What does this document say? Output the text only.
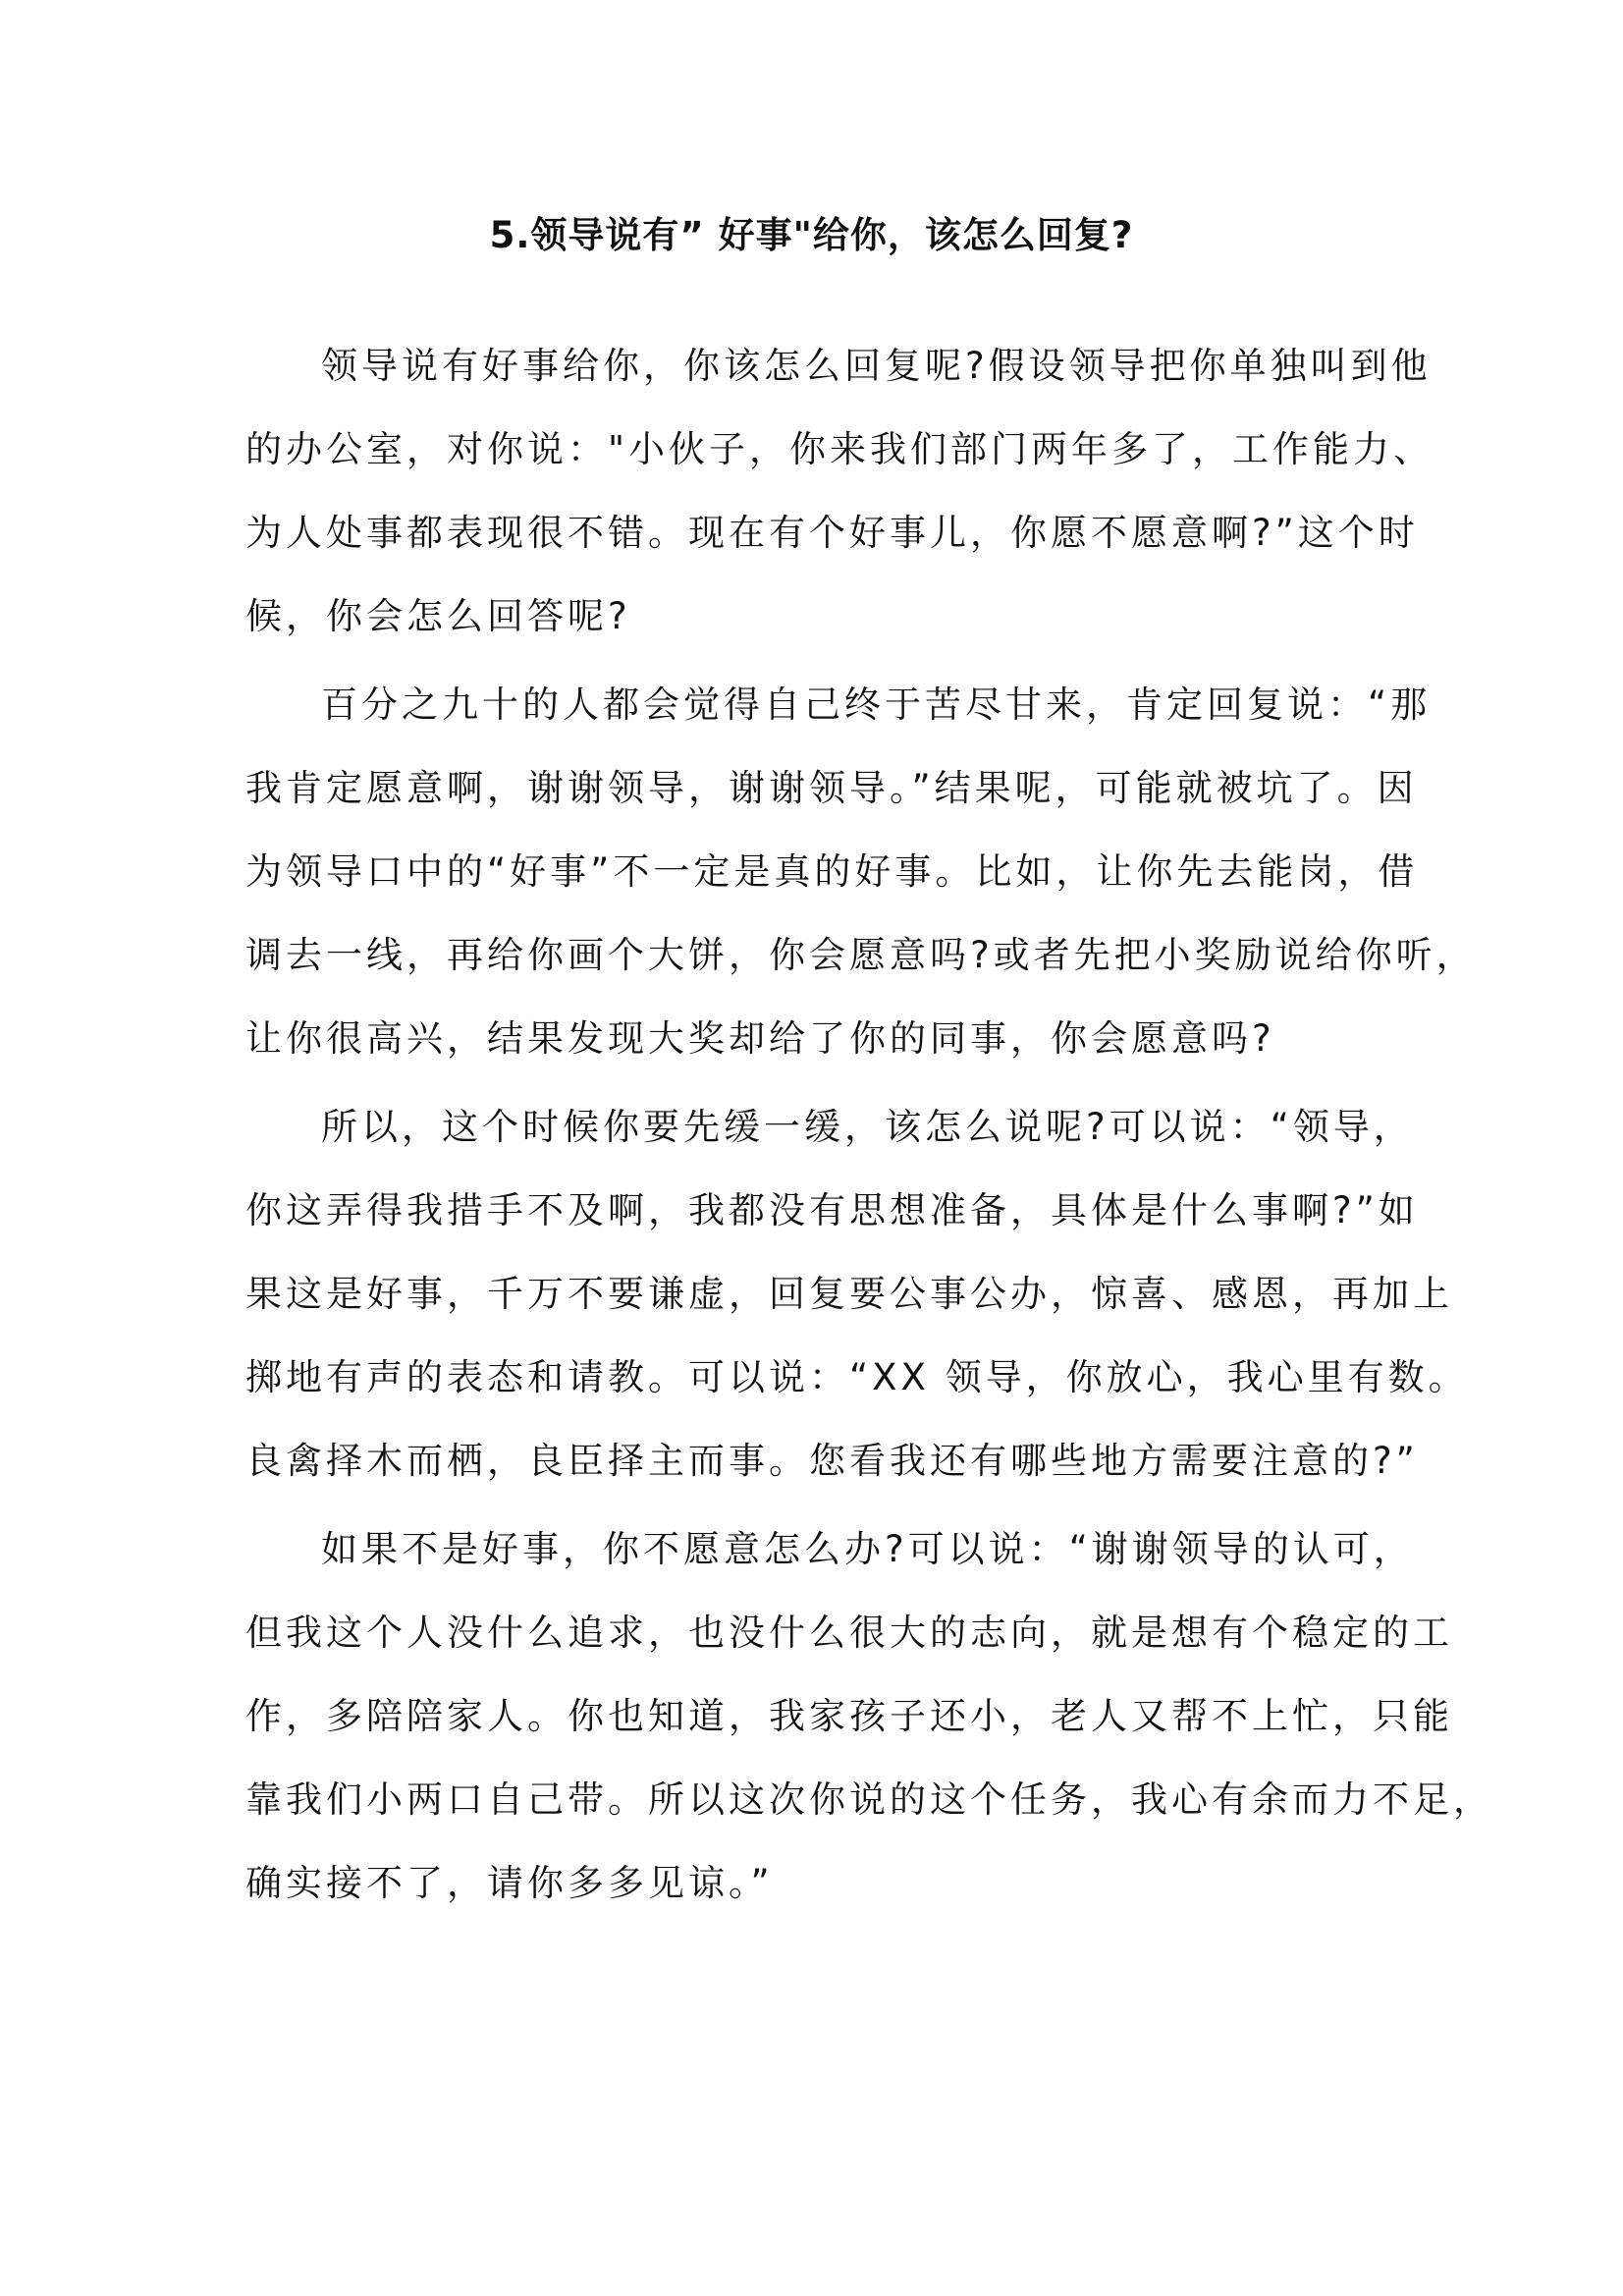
5.领导说有” 好事"给你，该怎么回复?
领导说有好事给你，你该怎么回复呢?假设领导把你单独叫到他
的办公室，对你说："小伙子，你来我们部门两年多了，工作能力、
为人处事都表现很不错。现在有个好事儿，你愿不愿意啊?”这个时
候，你会怎么回答呢?
百分之九十的人都会觉得自己终于苦尽甘来，肯定回复说：“那
我肯定愿意啊，谢谢领导，谢谢领导。”结果呢，可能就被坑了。因
为领导口中的“好事”不一定是真的好事。比如，让你先去能岗，借
调去一线，再给你画个大饼，你会愿意吗?或者先把小奖励说给你听，
让你很高兴，结果发现大奖却给了你的同事，你会愿意吗?
所以，这个时候你要先缓一缓，该怎么说呢?可以说：“领导，
你这弄得我措手不及啊，我都没有思想准备，具体是什么事啊?”如
果这是好事，千万不要谦虚，回复要公事公办，惊喜、感恩，再加上
掷地有声的表态和请教。可以说：“XX 领导，你放心，我心里有数。
良禽择木而栖，良臣择主而事。您看我还有哪些地方需要注意的?”
如果不是好事，你不愿意怎么办?可以说：“谢谢领导的认可，
但我这个人没什么追求，也没什么很大的志向，就是想有个稳定的工
作，多陪陪家人。你也知道，我家孩子还小，老人又帮不上忙，只能
靠我们小两口自己带。所以这次你说的这个任务，我心有余而力不足，
确实接不了，请你多多见谅。”
